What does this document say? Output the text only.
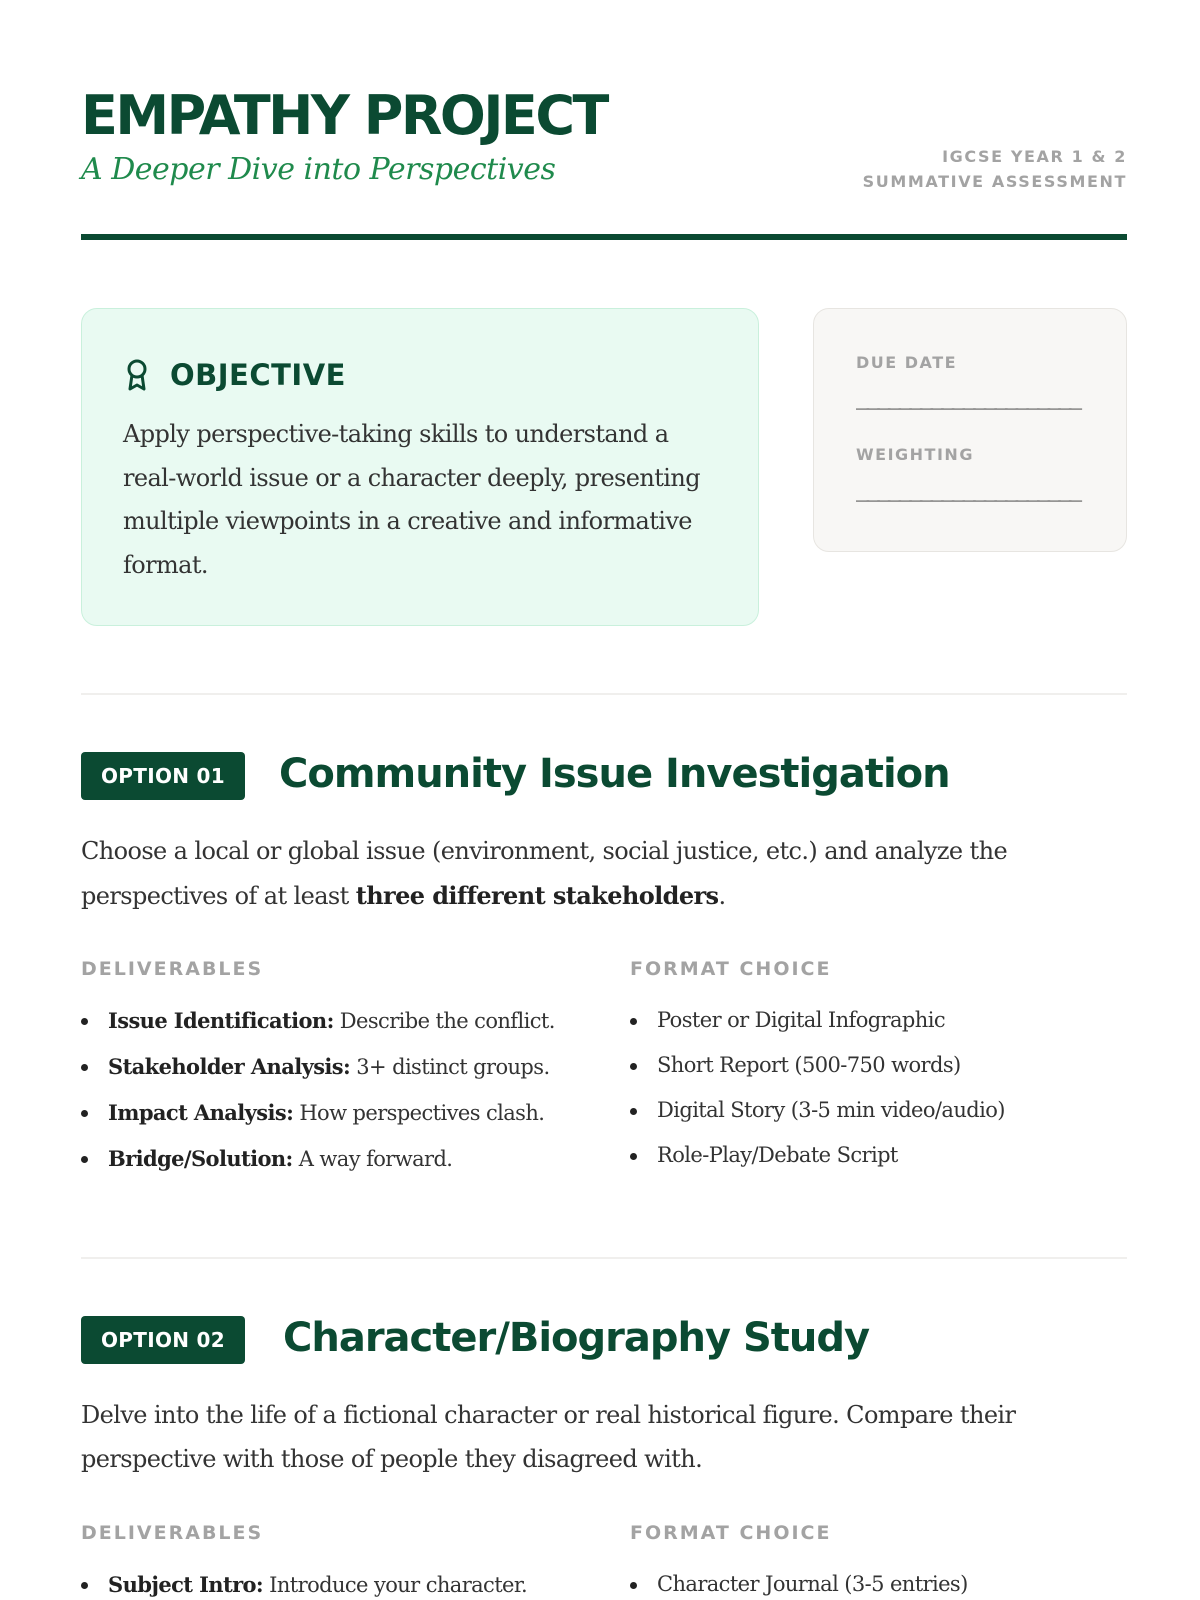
EMPATHY PROJECT
A Deeper Dive into Perspectives	IGCSE YEAR 1 & 2
SUMMATIVE ASSESSMENT
OBJECTIVE

Apply perspective-taking skills to understand a real-world issue or a character deeply, presenting multiple viewpoints in a creative and informative format.

DUE DATE
_____________________
WEIGHTING
_____________________
OPTION 01	Community Issue Investigation

Choose a local or global issue (environment, social justice, etc.) and analyze the perspectives of at least three different stakeholders.

DELIVERABLES
Issue Identification: Describe the conflict.
Stakeholder Analysis: 3+ distinct groups.
Impact Analysis: How perspectives clash.
Bridge/Solution: A way forward.
FORMAT CHOICE
Poster or Digital Infographic
Short Report (500-750 words)
Digital Story (3-5 min video/audio)
Role-Play/Debate Script
OPTION 02	Character/Biography Study

Delve into the life of a fictional character or real historical figure. Compare their perspective with those of people they disagreed with.

DELIVERABLES
Subject Intro: Introduce your character.
FORMAT CHOICE
Character Journal (3-5 entries)
